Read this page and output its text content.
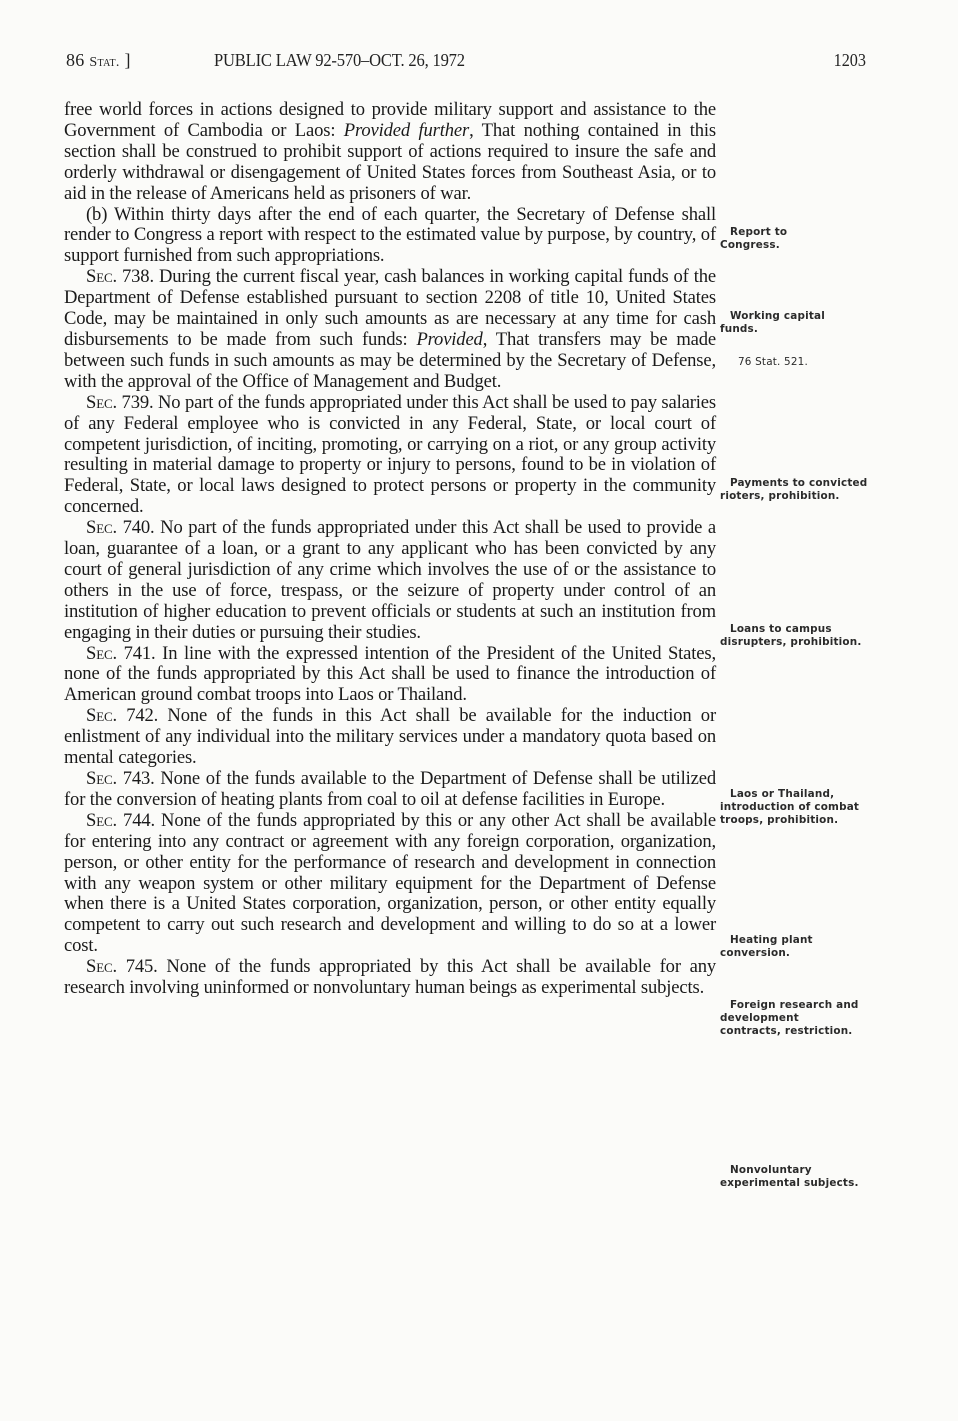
86 Stat. ]	PUBLIC LAW 92-570–OCT. 26, 1972	1203

free world forces in actions designed to provide military support and assistance to the Government of Cambodia or Laos: Provided further, That nothing contained in this section shall be construed to prohibit support of actions required to insure the safe and orderly withdrawal or disengagement of United States forces from Southeast Asia, or to aid in the release of Americans held as prisoners of war.

(b) Within thirty days after the end of each quarter, the Secretary of Defense shall render to Congress a report with respect to the estimated value by purpose, by country, of support furnished from such appropriations.

Sec. 738. During the current fiscal year, cash balances in working capital funds of the Department of Defense established pursuant to section 2208 of title 10, United States Code, may be maintained in only such amounts as are necessary at any time for cash disbursements to be made from such funds: Provided, That transfers may be made between such funds in such amounts as may be determined by the Secretary of Defense, with the approval of the Office of Management and Budget.

Sec. 739. No part of the funds appropriated under this Act shall be used to pay salaries of any Federal employee who is convicted in any Federal, State, or local court of competent jurisdiction, of inciting, promoting, or carrying on a riot, or any group activity resulting in material damage to property or injury to persons, found to be in violation of Federal, State, or local laws designed to protect persons or property in the community concerned.

Sec. 740. No part of the funds appropriated under this Act shall be used to provide a loan, guarantee of a loan, or a grant to any applicant who has been convicted by any court of general jurisdiction of any crime which involves the use of or the assistance to others in the use of force, trespass, or the seizure of property under control of an institution of higher education to prevent officials or students at such an institution from engaging in their duties or pursuing their studies.

Sec. 741. In line with the expressed intention of the President of the United States, none of the funds appropriated by this Act shall be used to finance the introduction of American ground combat troops into Laos or Thailand.

Sec. 742. None of the funds in this Act shall be available for the induction or enlistment of any individual into the military services under a mandatory quota based on mental categories.

Sec. 743. None of the funds available to the Department of Defense shall be utilized for the conversion of heating plants from coal to oil at defense facilities in Europe.

Sec. 744. None of the funds appropriated by this or any other Act shall be available for entering into any contract or agreement with any foreign corporation, organization, person, or other entity for the performance of research and development in connection with any weapon system or other military equipment for the Department of Defense when there is a United States corporation, organization, person, or other entity equally competent to carry out such research and development and willing to do so at a lower cost.

Sec. 745. None of the funds appropriated by this Act shall be available for any research involving uninformed or nonvoluntary human beings as experimental subjects.

Report to Congress.
Working capital funds.
76 Stat. 521.
Payments to convicted rioters, prohibition.
Loans to campus disrupters, prohibition.
Laos or Thailand, introduction of combat troops, prohibition.
Heating plant conversion.
Foreign research and development contracts, restriction.
Nonvoluntary experimental subjects.
